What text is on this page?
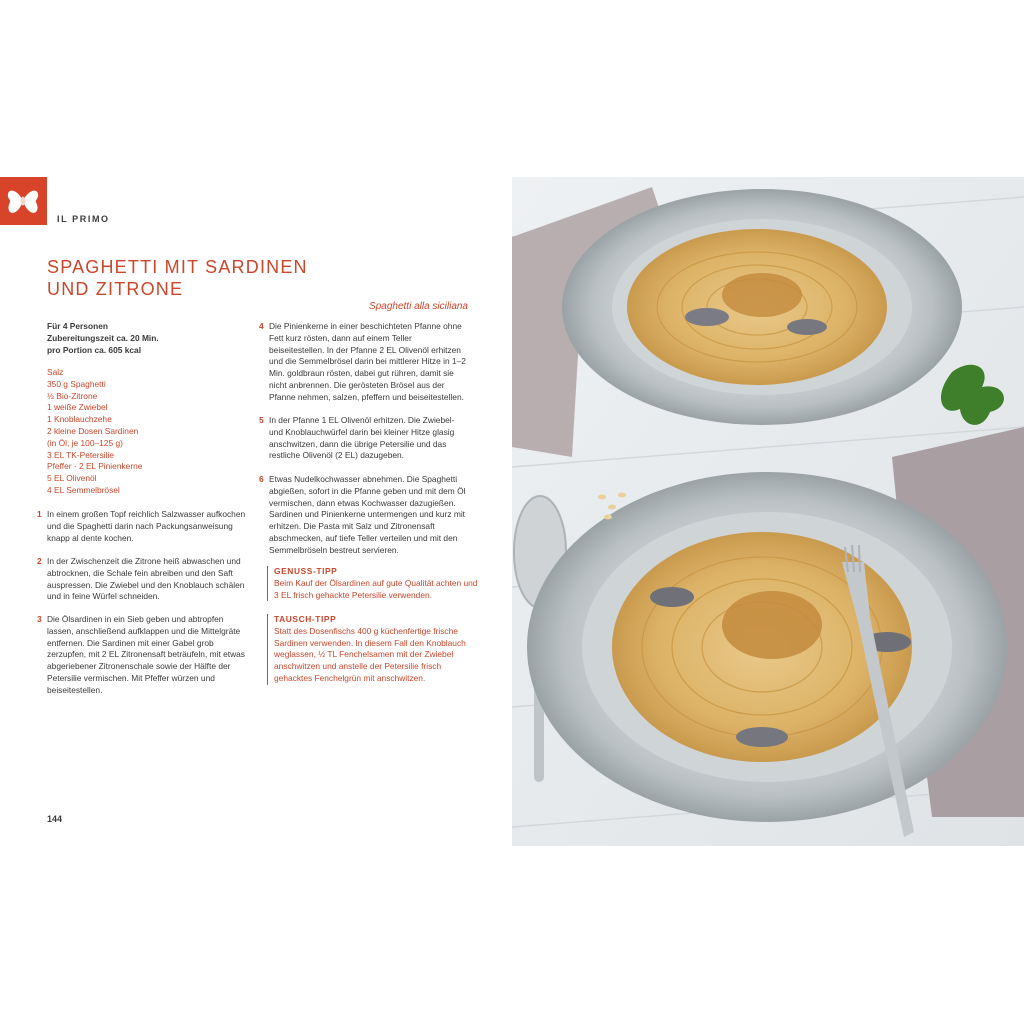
IL PRIMO
SPAGHETTI MIT SARDINEN
UND ZITRONE
Spaghetti alla siciliana
Für 4 Personen
Zubereitungszeit ca. 20 Min.
pro Portion ca. 605 kcal
Salz
350 g Spaghetti
½ Bio-Zitrone
1 weiße Zwiebel
1 Knoblauchzehe
2 kleine Dosen Sardinen
(in Öl; je 100–125 g)
3 EL TK-Petersilie
Pfeffer · 2 EL Pinienkerne
5 EL Olivenöl
4 EL Semmelbrösel
1 In einem großen Topf reichlich Salzwasser aufkochen und die Spaghetti darin nach Packungsanweisung knapp al dente kochen.
2 In der Zwischenzeit die Zitrone heiß abwaschen und abtrocknen, die Schale fein abreiben und den Saft auspressen. Die Zwiebel und den Knoblauch schälen und in feine Würfel schneiden.
3 Die Ölsardinen in ein Sieb geben und abtropfen lassen, anschließend aufklappen und die Mittelgräte entfernen. Die Sardinen mit einer Gabel grob zerzupfen, mit 2 EL Zitronensaft beträufeln, mit etwas abgeriebener Zitronenschale sowie der Hälfte der Petersilie vermischen. Mit Pfeffer würzen und beiseitestellen.
4 Die Pinienkerne in einer beschichteten Pfanne ohne Fett kurz rösten, dann auf einem Teller beiseitestellen. In der Pfanne 2 EL Olivenöl erhitzen und die Semmelbrösel darin bei mittlerer Hitze in 1–2 Min. goldbraun rösten, dabei gut rühren, damit sie nicht anbrennen. Die gerösteten Brösel aus der Pfanne nehmen, salzen, pfeffern und beiseitestellen.
5 In der Pfanne 1 EL Olivenöl erhitzen. Die Zwiebel- und Knoblauchwürfel darin bei kleiner Hitze glasig anschwitzen, dann die übrige Petersilie und das restliche Olivenöl (2 EL) dazugeben.
6 Etwas Nudelkochwasser abnehmen. Die Spaghetti abgießen, sofort in die Pfanne geben und mit dem Öl vermischen, dann etwas Kochwasser dazugießen. Sardinen und Pinienkerne untermengen und kurz mit erhitzen. Die Pasta mit Salz und Zitronensaft abschmecken, auf tiefe Teller verteilen und mit den Semmelbröseln bestreut servieren.
GENUSS-TIPP
Beim Kauf der Ölsardinen auf gute Qualität achten und 3 EL frisch gehackte Petersilie verwenden.
TAUSCH-TIPP
Statt des Dosenfischs 400 g küchenfertige frische Sardinen verwenden. In diesem Fall den Knoblauch weglassen, ½ TL Fenchelsamen mit der Zwiebel anschwitzen und anstelle der Petersilie frisch gehacktes Fenchelgrün mit anschwitzen.
144
